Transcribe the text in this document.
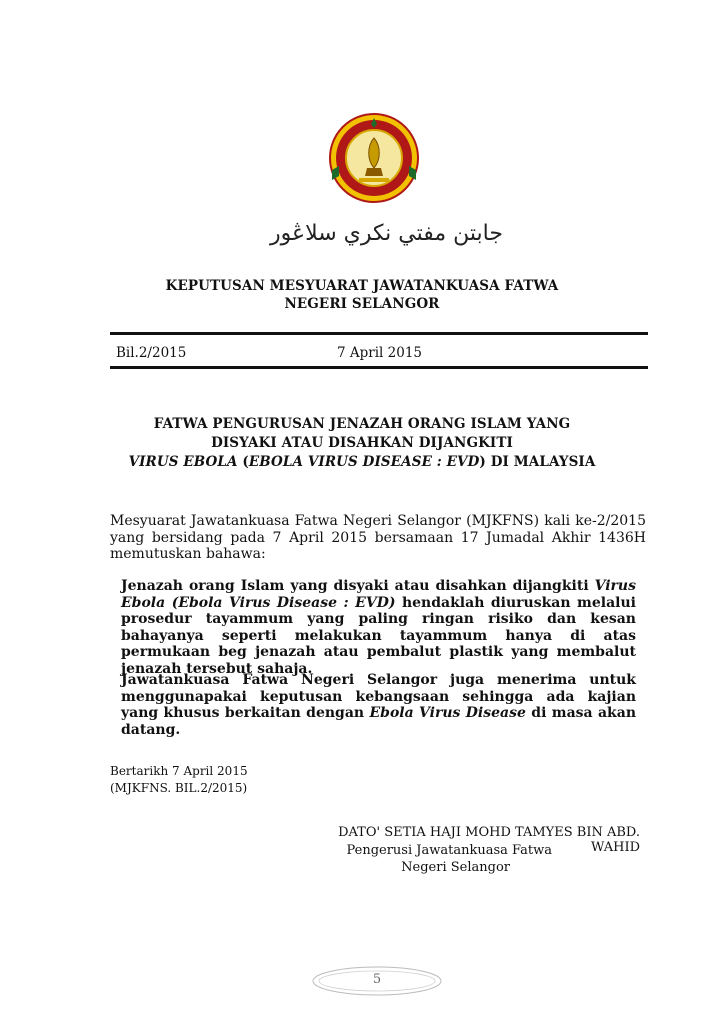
جابتن مفتي نکري سلاڠور
KEPUTUSAN MESYUARAT JAWATANKUASA FATWA
NEGERI SELANGOR
Bil.2/2015	7 April 2015
FATWA PENGURUSAN JENAZAH ORANG ISLAM YANG
DISYAKI ATAU DISAHKAN DIJANGKITI
VIRUS EBOLA (EBOLA VIRUS DISEASE : EVD) DI MALAYSIA
Mesyuarat Jawatankuasa Fatwa Negeri Selangor (MJKFNS) kali ke-2/2015 yang bersidang pada 7 April 2015 bersamaan 17 Jumadal Akhir 1436H memutuskan bahawa:
Jenazah orang Islam yang disyaki atau disahkan dijangkiti Virus Ebola (Ebola Virus Disease : EVD) hendaklah diuruskan melalui prosedur tayammum yang paling ringan risiko dan kesan bahayanya seperti melakukan tayammum hanya di atas permukaan beg jenazah atau pembalut plastik yang membalut jenazah tersebut sahaja.
Jawatankuasa Fatwa Negeri Selangor juga menerima untuk menggunapakai keputusan kebangsaan sehingga ada kajian yang khusus berkaitan dengan Ebola Virus Disease di masa akan datang.
Bertarikh 7 April 2015
(MJKFNS. BIL.2/2015)
DATO' SETIA HAJI MOHD TAMYES BIN ABD. WAHID
Pengerusi Jawatankuasa Fatwa
Negeri Selangor
5
